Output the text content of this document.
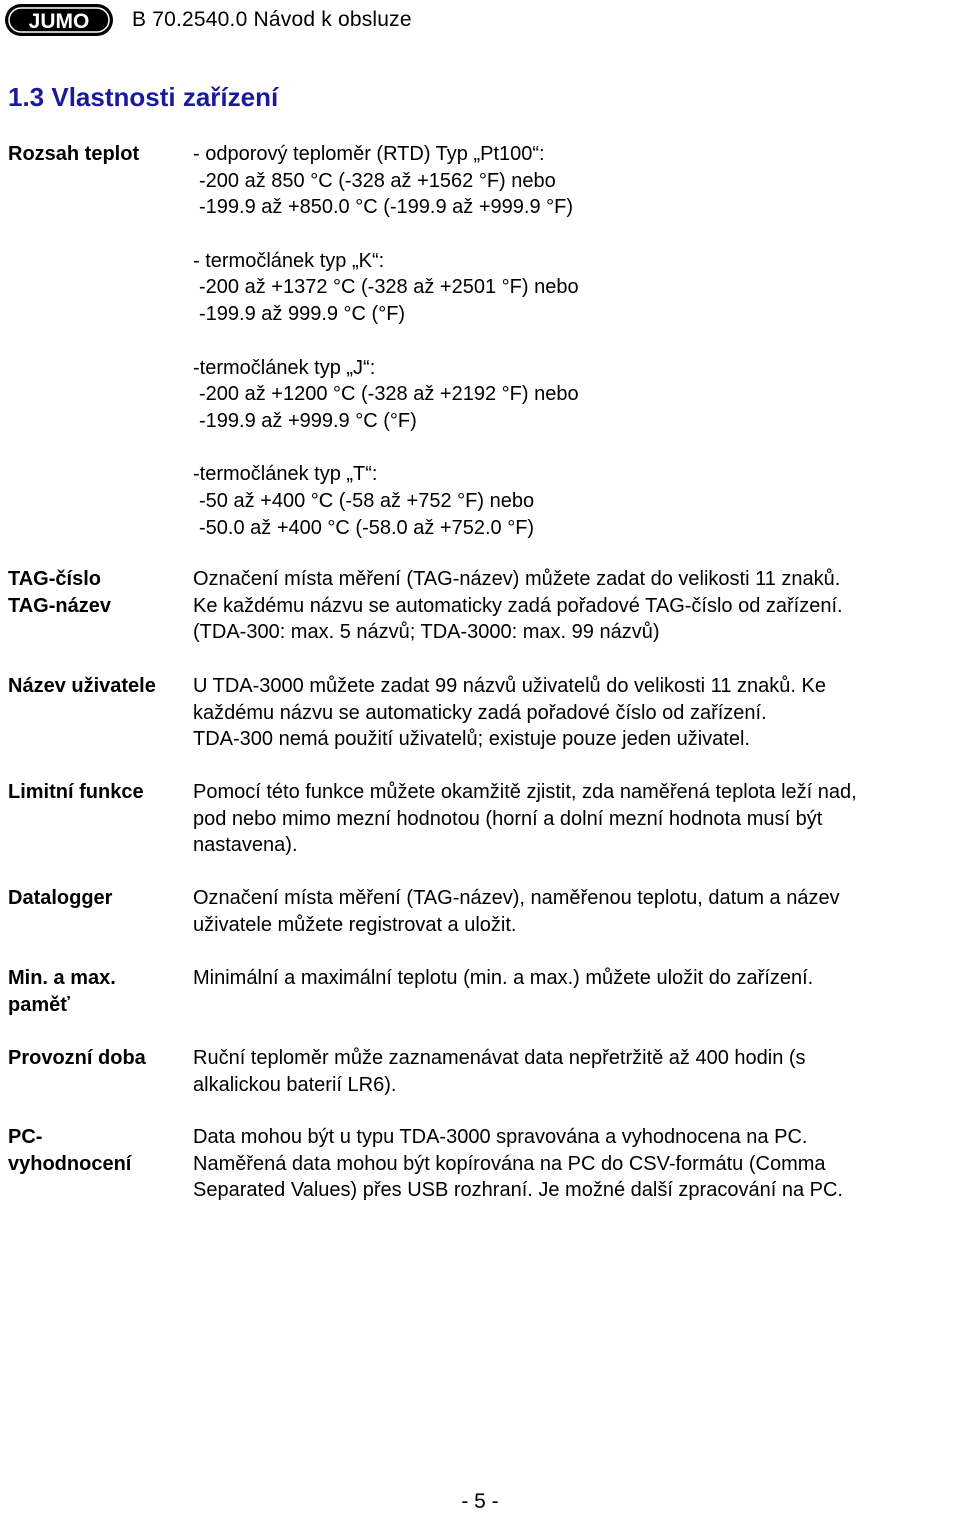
JUMO B 70.2540.0 Návod k obsluze
1.3 Vlastnosti zařízení
Rozsah teplot	- odporový teploměr (RTD) Typ „Pt100“:
-200 až 850 °C (-328 až +1562 °F) nebo
-199.9 až +850.0 °C (-199.9 až +999.9 °F)
- termočlánek typ „K“:
-200 až +1372 °C (-328 až +2501 °F) nebo
-199.9 až 999.9 °C (°F)
-termočlánek typ „J“:
-200 až +1200 °C (-328 až +2192 °F) nebo
-199.9 až +999.9 °C (°F)
-termočlánek typ „T“:
-50 až +400 °C (-58 až +752 °F) nebo
-50.0 až +400 °C (-58.0 až +752.0 °F)
TAG-číslo
TAG-název
Označení místa měření (TAG-název) můžete zadat do velikosti 11 znaků.
Ke každému názvu se automaticky zadá pořadové TAG-číslo od zařízení.
(TDA-300: max. 5 názvů; TDA-3000: max. 99 názvů)
Název uživatele U TDA-3000 můžete zadat 99 názvů uživatelů do velikosti 11 znaků. Ke
každému názvu se automaticky zadá pořadové číslo od zařízení.
TDA-300 nemá použití uživatelů; existuje pouze jeden uživatel.
Limitní funkce Pomocí této funkce můžete okamžitě zjistit, zda naměřená teplota leží nad,
pod nebo mimo mezní hodnotou (horní a dolní mezní hodnota musí být
nastavena).
Datalogger	Označení místa měření (TAG-název), naměřenou teplotu, datum a název
uživatele můžete registrovat a uložit.
Min. a max.
paměť
Minimální a maximální teplotu (min. a max.) můžete uložit do zařízení.
Provozní doba Ruční teploměr může zaznamenávat data nepřetržitě až 400 hodin (s
alkalickou baterií LR6).
PC-
vyhodnocení
Data mohou být u typu TDA-3000 spravována a vyhodnocena na PC.
Naměřená data mohou být kopírována na PC do CSV-formátu (Comma
Separated Values) přes USB rozhraní. Je možné další zpracování na PC.
- 5 -
